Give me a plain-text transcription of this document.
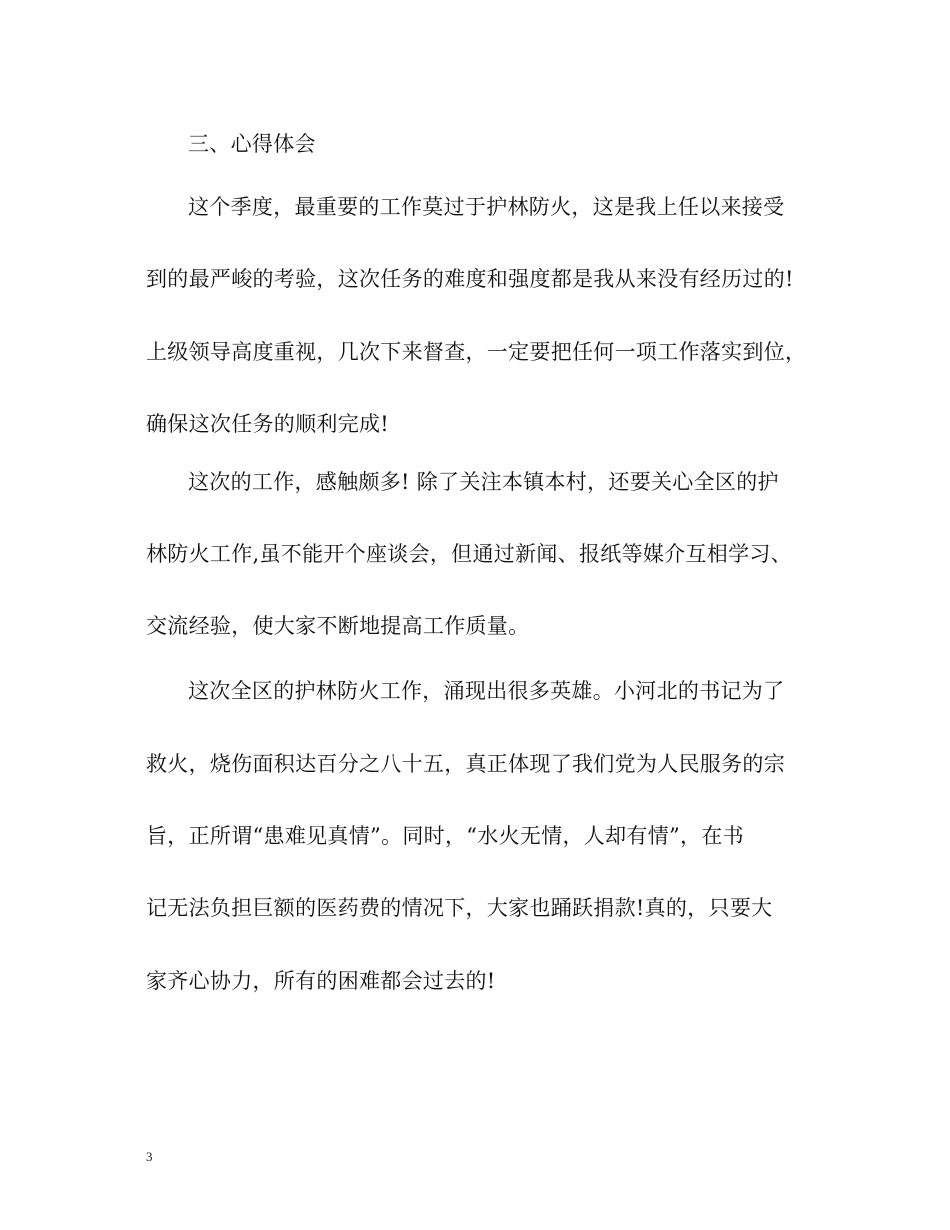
三、心得体会
这个季度，最重要的工作莫过于护林防火，这是我上任以来接受
到的最严峻的考验，这次任务的难度和强度都是我从来没有经历过的!
上级领导高度重视，几次下来督查，一定要把任何一项工作落实到位，
确保这次任务的顺利完成!
这次的工作，感触颇多! 除了关注本镇本村，还要关心全区的护
林防火工作,虽不能开个座谈会，但通过新闻、报纸等媒介互相学习、
交流经验，使大家不断地提高工作质量。
这次全区的护林防火工作，涌现出很多英雄。小河北的书记为了
救火，烧伤面积达百分之八十五，真正体现了我们党为人民服务的宗
旨，正所谓“患难见真情”。同时，“水火无情，人却有情”，在书
记无法负担巨额的医药费的情况下，大家也踊跃捐款!真的，只要大
家齐心协力，所有的困难都会过去的!
3
